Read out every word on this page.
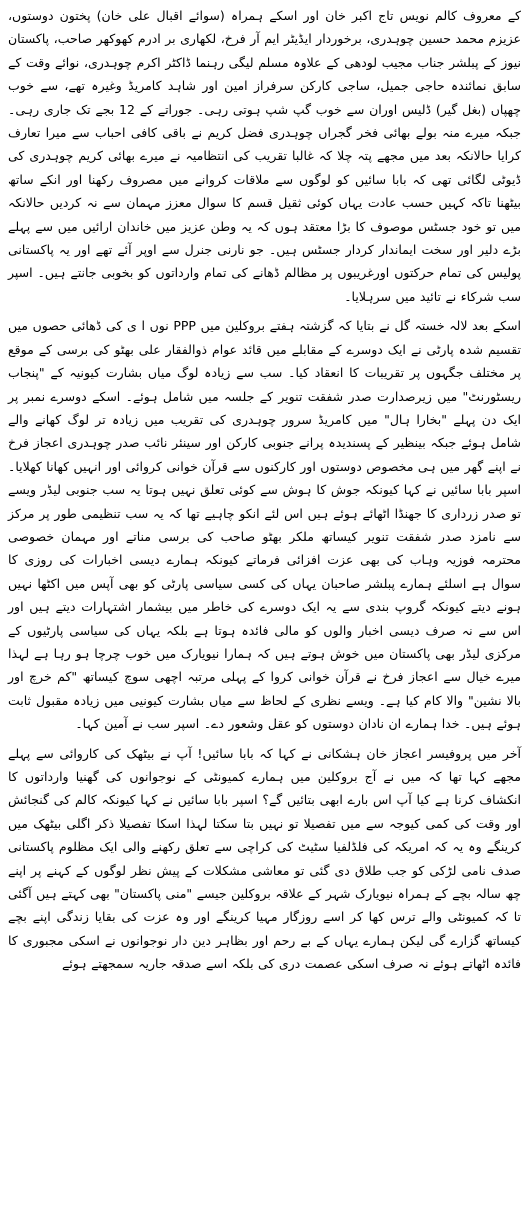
کے معروف کالم نویس تاج اکبر خان اور اسکے ہمراہ (سوائے اقبال علی خان) پختون دوستوں، عزیزم محمد حسین چوہدری، برخوردار ایڈیٹر ایم آر فرخ، لکھاری بر ادرم کھوکھر صاحب، پاکستان نیوز کے پبلشر جناب مجیب لودھی کے علاوہ مسلم لیگی رہنما ڈاکٹر اکرم چوہدری، نوائے وقت کے سابق نمائندہ حاجی جمیل، ساجی کارکن سرفراز امین اور شاہد کامریڈ وغیرہ تھے، سے خوب چھپاں (بغل گیر) ڈلیس اوران سے خوب گپ شپ ہوتی رہی۔ جوراتے کے 12 بجے تک جاری رہی۔ جبکہ میرے منہ بولے بھائی فخر گجراں چوہدری فضل کریم نے باقی کافی احباب سے میرا تعارف کرایا حالانکہ بعد میں مجھے پتہ چلا کہ غالبا تقریب کی انتظامیہ نے میرے بھائی کریم چوہدری کی ڈیوٹی لگائی تھی کہ بابا سائیں کو لوگوں سے ملاقات کروانے میں مصروف رکھنا اور انکے ساتھ بیٹھنا تاکہ کہیں حسب عادت یہاں کوئی ثقیل قسم کا سوال معزز مہمان سے نہ کردیں حالانکہ میں تو خود جسٹس موصوف کا بڑا معتقد ہوں کہ یہ وطن عزیز میں خاندان ارائیں میں سے پہلے بڑے دلیر اور سخت ایماندار کردار جسٹس ہیں۔ جو نارنی جنرل سے اوپر آئے تھے اور یہ پاکستانی پولیس کی تمام حرکتوں اورغریبوں پر مظالم ڈھانے کی تمام وارداتوں کو بخوبی جانتے ہیں۔ اسپر سب شرکاء نے تائید میں سرہلایا۔

اسکے بعد لالہ خستہ گل نے بتایا کہ گزشتہ ہفتے بروکلین میں PPP نوں ا ی کی ڈھائی حصوں میں تقسیم شدہ پارٹی نے ایک دوسرے کے مقابلے میں قائد عوام ذوالفقار علی بھٹو کی برسی کے موقع پر مختلف جگہوں پر تقریبات کا انعقاد کیا۔ سب سے زیادہ لوگ میاں بشارت کیونیہ کے "پنجاب ریسٹورنٹ" میں زیرصدارت صدر شفقت تنویر کے جلسہ میں شامل ہوئے۔ اسکے دوسرے نمبر پر ایک دن پہلے "بخارا ہال" میں کامریڈ سرور چوہدری کی تقریب میں زیادہ تر لوگ کھانے والے شامل ہوئے جبکہ بینظیر کے پسندیدہ پرانے جنوبی کارکن اور سینئر نائب صدر چوہدری اعجاز فرخ نے اپنے گھر میں ہی مخصوص دوستوں اور کارکنوں سے قرآن خوانی کروائی اور انہیں کھانا کھلایا۔ اسپر بابا سائیں نے کہا کیونکہ جوش کا ہوش سے کوئی تعلق نہیں ہوتا یہ سب جنوبی لیڈر ویسے تو صدر زرداری کا جھنڈا اٹھائے ہوئے ہیں اس لئے انکو چاہیے تھا کہ یہ سب تنظیمی طور پر مرکز سے نامزد صدر شفقت تنویر کیساتھ ملکر بھٹو صاحب کی برسی مناتے اور مہمان خصوصی محترمہ فوزیہ وہاب کی بھی عزت افزائی فرماتے کیونکہ ہمارے دیسی اخبارات کی روزی کا سوال ہے اسلئے ہمارے پبلشر صاحبان یہاں کی کسی سیاسی پارٹی کو بھی آپس میں اکٹھا نہیں ہونے دیتے کیونکہ گروپ بندی سے یہ ایک دوسرے کی خاطر میں بیشمار اشتہارات دیتے ہیں اور اس سے نہ صرف دیسی اخبار والوں کو مالی فائدہ ہوتا ہے بلکہ یہاں کی سیاسی پارٹیوں کے مرکزی لیڈر بھی پاکستان میں خوش ہوتے ہیں کہ ہمارا نیویارک میں خوب چرچا ہو رہا ہے لہذا میرے خیال سے اعجاز فرخ نے قرآن خوانی کروا کے پہلی مرتبہ اچھی سوچ کیساتھ "کم خرچ اور بالا نشین" والا کام کیا ہے۔ ویسے نظری کے لحاظ سے میاں بشارت کیونیی میں زیادہ مقبول ثابت ہوئے ہیں۔ خدا ہمارے ان نادان دوستوں کو عقل وشعور دے۔ اسپر سب نے آمین کہا۔

آخر میں پروفیسر اعجاز خان ہشکانی نے کہا کہ بابا سائیں! آپ نے بیٹھک کی کاروائی سے پہلے مجھے کہا تھا کہ میں نے آج بروکلین میں ہمارے کمیونٹی کے نوجوانوں کی گھنیا وارداتوں کا انکشاف کرنا ہے کیا آپ اس بارے ابھی بتائیں گے؟ اسپر بابا سائیں نے کہا کیونکہ کالم کی گنجائش اور وقت کی کمی کیوجہ سے میں تفصیلا تو نہیں بتا سکتا لہذا اسکا تفصیلا ذکر اگلی بیٹھک میں کرینگے وہ یہ کہ امریکہ کی فلڈلفیا سٹیٹ کی کراچی سے تعلق رکھنے والی ایک مظلوم پاکستانی صدف نامی لڑکی کو جب طلاق دی گئی تو معاشی مشکلات کے پیش نظر لوگوں کے کہنے پر اپنے چھ سالہ بچے کے ہمراہ نیویارک شہر کے علاقہ بروکلین جیسے "منی پاکستان" بھی کہتے ہیں آگئی تا کہ کمیونٹی والے ترس کھا کر اسے روزگار مہیا کرینگے اور وہ عزت کی بقایا زندگی اپنے بچے کیساتھ گزارے گی لیکن ہمارے یہاں کے بے رحم اور بظاہر دین دار نوجوانوں نے اسکی مجبوری کا فائدہ اٹھاتے ہوئے نہ صرف اسکی عصمت دری کی بلکہ اسے صدقہ جاریہ سمجھتے ہوئے
